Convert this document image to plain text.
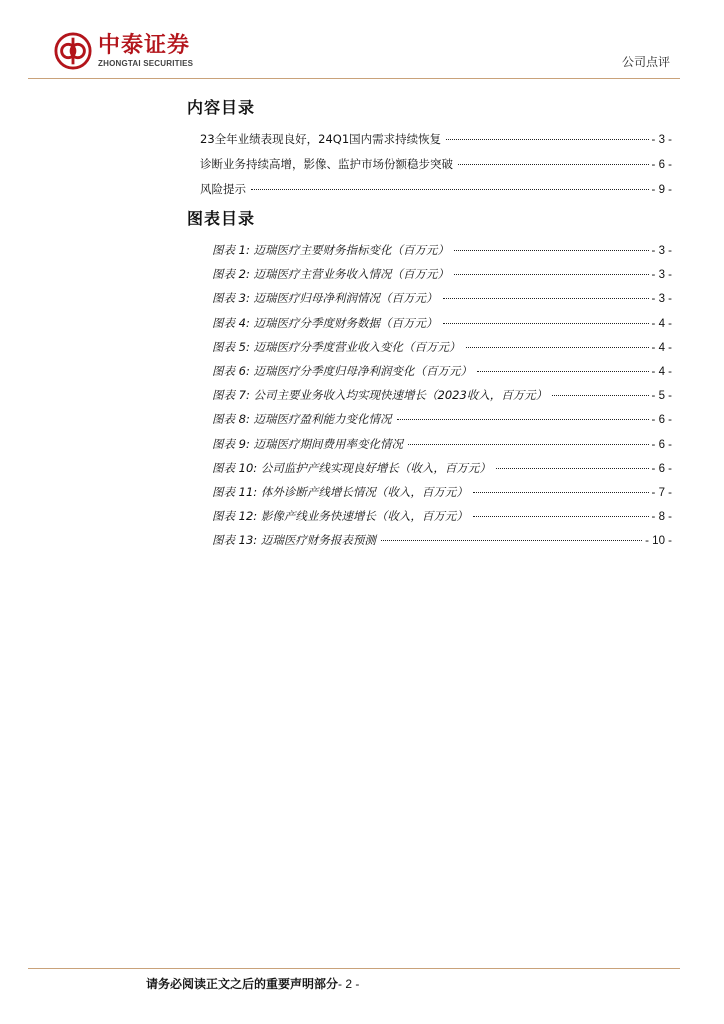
中泰证券
ZHONGTAI SECURITIES	公司点评
内容目录
23全年业绩表现良好，24Q1国内需求持续恢复	- 3 -
诊断业务持续高增，影像、监护市场份额稳步突破	- 6 -
风险提示	- 9 -
图表目录
图表 1: 迈瑞医疗主要财务指标变化（百万元）	- 3 -
图表 2: 迈瑞医疗主营业务收入情况（百万元）	- 3 -
图表 3: 迈瑞医疗归母净利润情况（百万元）	- 3 -
图表 4: 迈瑞医疗分季度财务数据（百万元）	- 4 -
图表 5: 迈瑞医疗分季度营业收入变化（百万元）	- 4 -
图表 6: 迈瑞医疗分季度归母净利润变化（百万元）	- 4 -
图表 7: 公司主要业务收入均实现快速增长（2023收入，百万元）	- 5 -
图表 8: 迈瑞医疗盈利能力变化情况	- 6 -
图表 9: 迈瑞医疗期间费用率变化情况	- 6 -
图表 10: 公司监护产线实现良好增长（收入，百万元）	- 6 -
图表 11: 体外诊断产线增长情况（收入，百万元）	- 7 -
图表 12: 影像产线业务快速增长（收入，百万元）	- 8 -
图表 13: 迈瑞医疗财务报表预测	- 10 -
请务必阅读正文之后的重要声明部分- 2 -
